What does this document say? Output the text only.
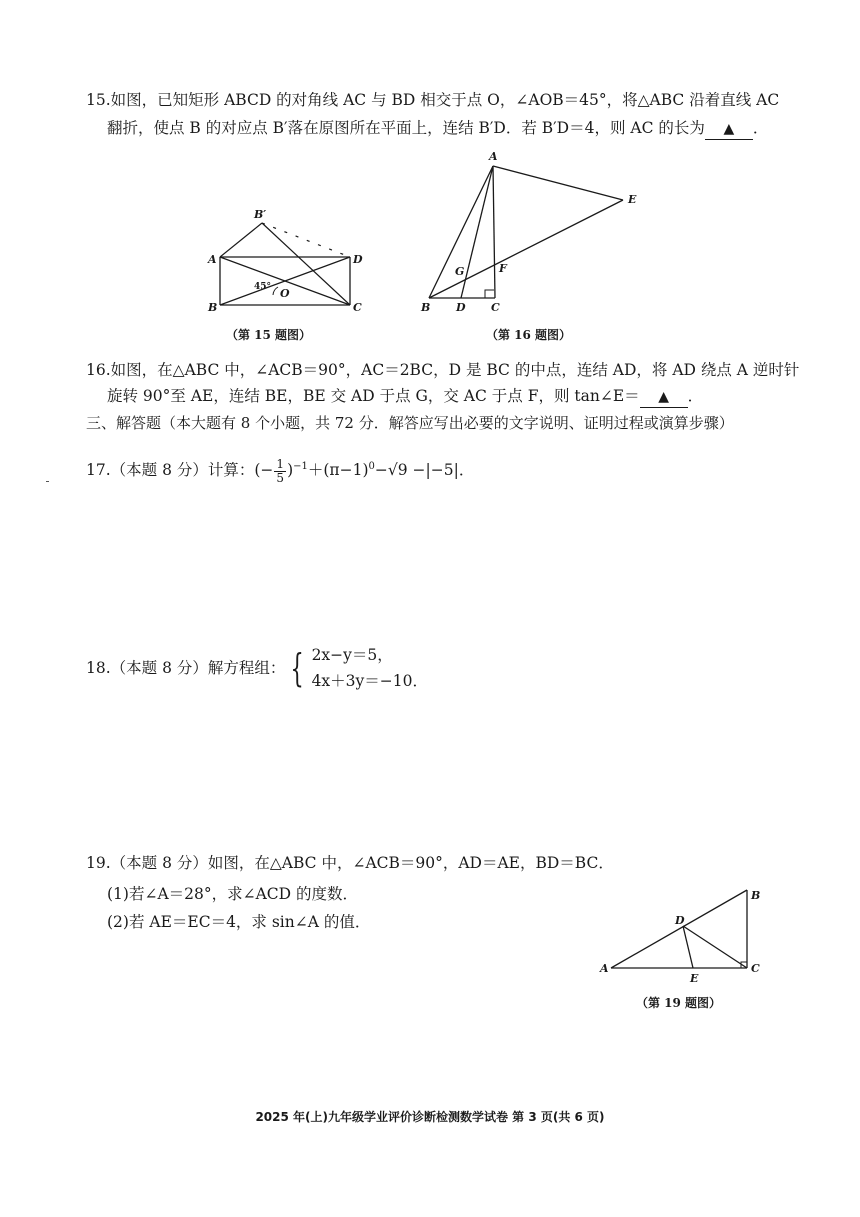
15.如图，已知矩形 ABCD 的对角线 AC 与 BD 相交于点 O，∠AOB＝45°，将△ABC 沿着直线 AC
翻折，使点 B 的对应点 B′落在原图所在平面上，连结 B′D．若 B′D＝4，则 AC 的长为 ▲ ．
A
B	C
D
B′
O
45°
（第 15 题图）
A
B D C
E
F
G
（第 16 题图）
16.如图，在△ABC 中，∠ACB＝90°，AC＝2BC，D 是 BC 的中点，连结 AD，将 AD 绕点 A 逆时针
旋转 90°至 AE，连结 BE，BE 交 AD 于点 G，交 AC 于点 F，则 tan∠E＝ ▲ ．
三、解答题（本大题有 8 个小题，共 72 分．解答应写出必要的文字说明、证明过程或演算步骤）
17.（本题 8 分）计算：(− $\frac{1}{5} )^{-1}+(\pi-1)^0-√9 -|-5|$．
18.（本题 8 分）解方程组： { 2x−y＝5，
4x＋3y＝−10．
19.（本题 8 分）如图，在△ABC 中，∠ACB＝90°，AD＝AE，BD＝BC．
(1)若∠A＝28°，求∠ACD 的度数．
(2)若 AE＝EC＝4，求 sin∠A 的值．
A
B
C
D
E
（第 19 题图）
2025 年(上)九年级学业评价诊断检测数学试卷 第 3 页(共 6 页)
